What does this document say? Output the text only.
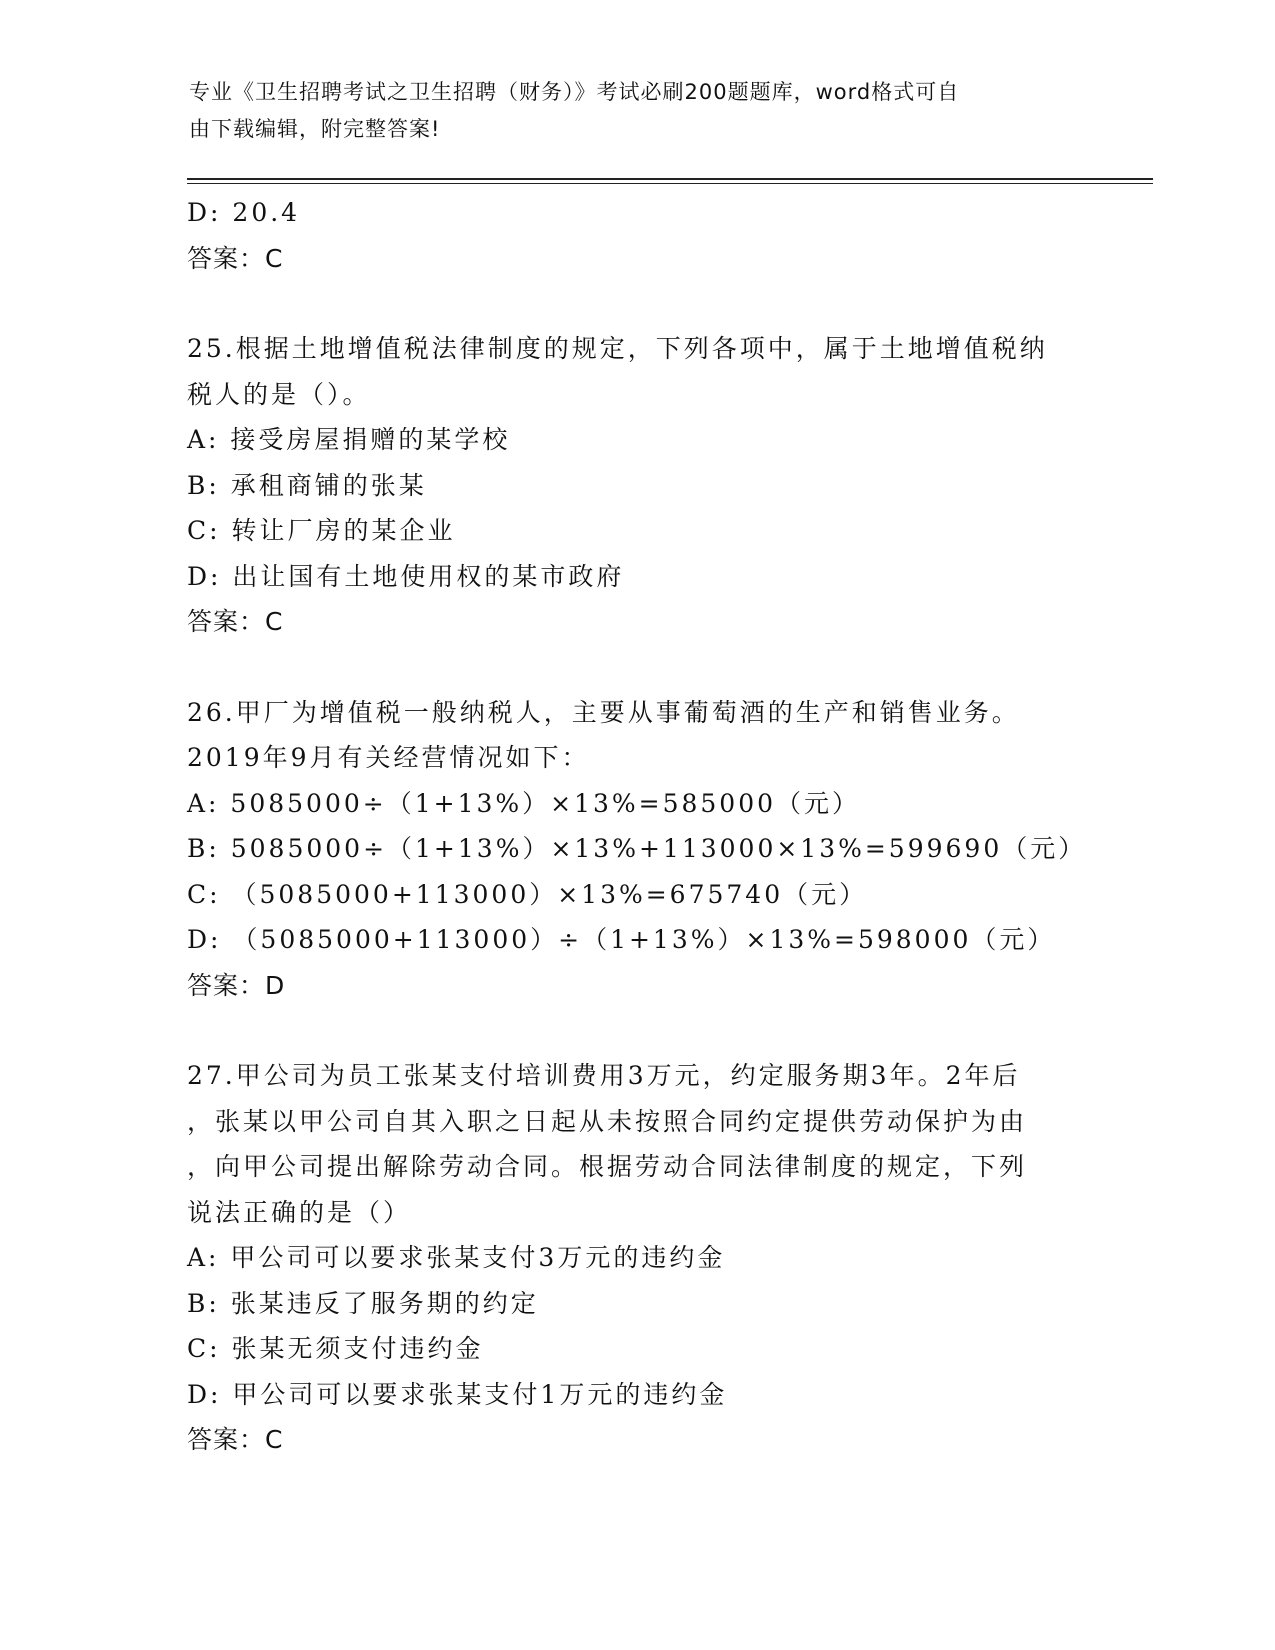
专业《卫生招聘考试之卫生招聘（财务）》考试必刷200题题库，word格式可自
由下载编辑，附完整答案!
D: 20.4
答案：C
25.根据土地增值税法律制度的规定，下列各项中，属于土地增值税纳
税人的是（）。
A: 接受房屋捐赠的某学校
B: 承租商铺的张某
C: 转让厂房的某企业
D: 出让国有土地使用权的某市政府
答案：C
26.甲厂为增值税一般纳税人，主要从事葡萄酒的生产和销售业务。
2019年9月有关经营情况如下：
A: 5085000÷（1+13%）×13%=585000（元）
B: 5085000÷（1+13%）×13%+113000×13%=599690（元）
C: （5085000+113000）×13%=675740（元）
D: （5085000+113000）÷（1+13%）×13%=598000（元）
答案：D
27.甲公司为员工张某支付培训费用3万元，约定服务期3年。2年后
，张某以甲公司自其入职之日起从未按照合同约定提供劳动保护为由
，向甲公司提出解除劳动合同。根据劳动合同法律制度的规定，下列
说法正确的是（）
A: 甲公司可以要求张某支付3万元的违约金
B: 张某违反了服务期的约定
C: 张某无须支付违约金
D: 甲公司可以要求张某支付1万元的违约金
答案：C
